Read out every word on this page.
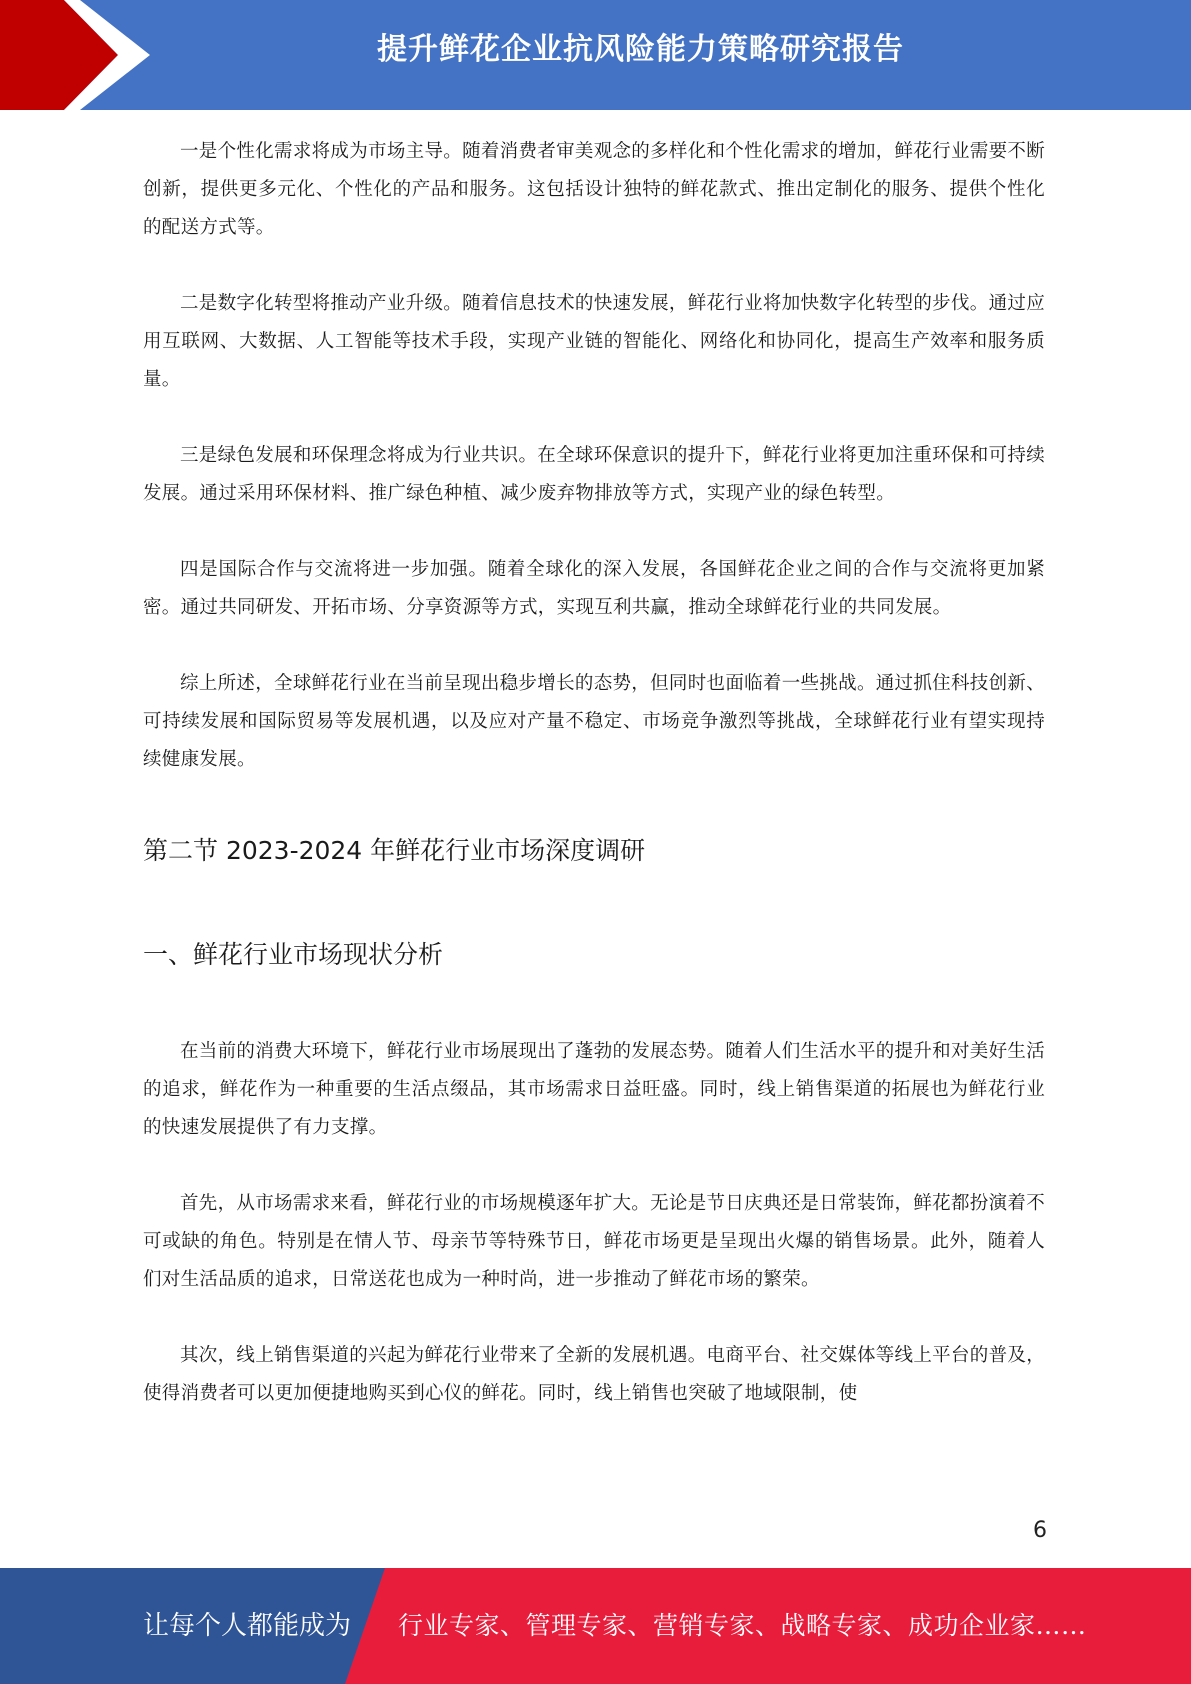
提升鲜花企业抗风险能力策略研究报告

一是个性化需求将成为市场主导。随着消费者审美观念的多样化和个性化需求的增加，鲜花行业需要不断创新，提供更多元化、个性化的产品和服务。这包括设计独特的鲜花款式、推出定制化的服务、提供个性化的配送方式等。

二是数字化转型将推动产业升级。随着信息技术的快速发展，鲜花行业将加快数字化转型的步伐。通过应用互联网、大数据、人工智能等技术手段，实现产业链的智能化、网络化和协同化，提高生产效率和服务质量。

三是绿色发展和环保理念将成为行业共识。在全球环保意识的提升下，鲜花行业将更加注重环保和可持续发展。通过采用环保材料、推广绿色种植、减少废弃物排放等方式，实现产业的绿色转型。

四是国际合作与交流将进一步加强。随着全球化的深入发展，各国鲜花企业之间的合作与交流将更加紧密。通过共同研发、开拓市场、分享资源等方式，实现互利共赢，推动全球鲜花行业的共同发展。

综上所述，全球鲜花行业在当前呈现出稳步增长的态势，但同时也面临着一些挑战。通过抓住科技创新、可持续发展和国际贸易等发展机遇，以及应对产量不稳定、市场竞争激烈等挑战，全球鲜花行业有望实现持续健康发展。

第二节 2023-2024 年鲜花行业市场深度调研
一、鲜花行业市场现状分析

在当前的消费大环境下，鲜花行业市场展现出了蓬勃的发展态势。随着人们生活水平的提升和对美好生活的追求，鲜花作为一种重要的生活点缀品，其市场需求日益旺盛。同时，线上销售渠道的拓展也为鲜花行业的快速发展提供了有力支撑。

首先，从市场需求来看，鲜花行业的市场规模逐年扩大。无论是节日庆典还是日常装饰，鲜花都扮演着不可或缺的角色。特别是在情人节、母亲节等特殊节日，鲜花市场更是呈现出火爆的销售场景。此外，随着人们对生活品质的追求，日常送花也成为一种时尚，进一步推动了鲜花市场的繁荣。

其次，线上销售渠道的兴起为鲜花行业带来了全新的发展机遇。电商平台、社交媒体等线上平台的普及，使得消费者可以更加便捷地购买到心仪的鲜花。同时，线上销售也突破了地域限制，使

6
让每个人都能成为 行业专家、管理专家、营销专家、战略专家、成功企业家……
